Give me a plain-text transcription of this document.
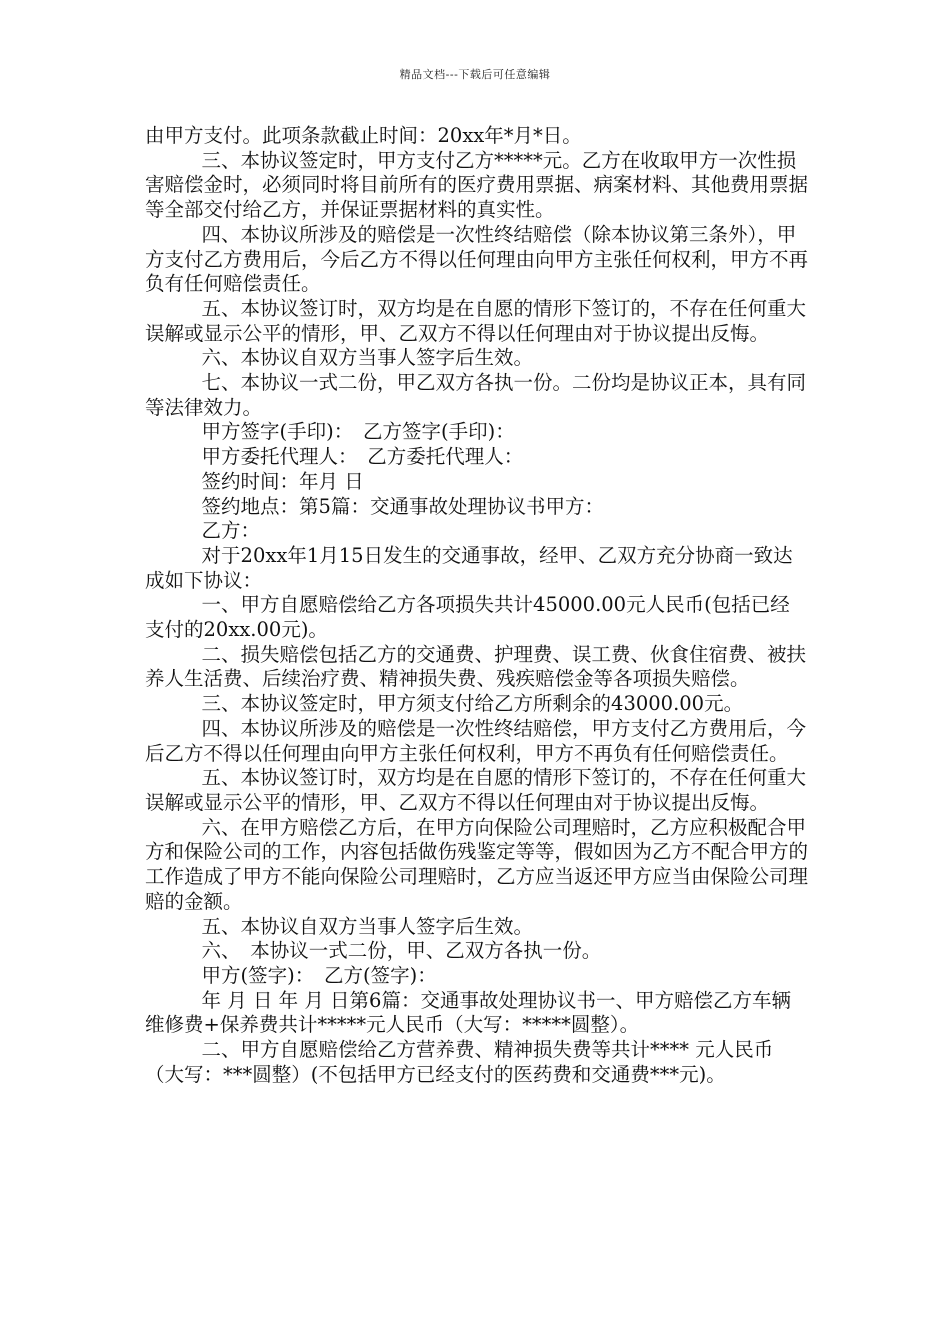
精品文档---下载后可任意编辑

由甲方支付。此项条款截止时间：20xx年*月*日。

三、本协议签定时，甲方支付乙方*****元。乙方在收取甲方一次性损害赔偿金时，必须同时将目前所有的医疗费用票据、病案材料、其他费用票据等全部交付给乙方，并保证票据材料的真实性。

四、本协议所涉及的赔偿是一次性终结赔偿（除本协议第三条外），甲方支付乙方费用后，今后乙方不得以任何理由向甲方主张任何权利，甲方不再负有任何赔偿责任。

五、本协议签订时，双方均是在自愿的情形下签订的，不存在任何重大误解或显示公平的情形，甲、乙双方不得以任何理由对于协议提出反悔。

六、本协议自双方当事人签字后生效。

七、本协议一式二份，甲乙双方各执一份。二份均是协议正本，具有同等法律效力。

甲方签字(手印)：　乙方签字(手印)：

甲方委托代理人：　乙方委托代理人：

签约时间：年月 日

签约地点：第5篇：交通事故处理协议书甲方：

乙方：

对于20xx年1月15日发生的交通事故，经甲、乙双方充分协商一致达成如下协议：

一、甲方自愿赔偿给乙方各项损失共计45000.00元人民币(包括已经支付的20xx.00元)。

二、损失赔偿包括乙方的交通费、护理费、误工费、伙食住宿费、被扶养人生活费、后续治疗费、精神损失费、残疾赔偿金等各项损失赔偿。

三、本协议签定时，甲方须支付给乙方所剩余的43000.00元。

四、本协议所涉及的赔偿是一次性终结赔偿，甲方支付乙方费用后，今后乙方不得以任何理由向甲方主张任何权利，甲方不再负有任何赔偿责任。

五、本协议签订时，双方均是在自愿的情形下签订的，不存在任何重大误解或显示公平的情形，甲、乙双方不得以任何理由对于协议提出反悔。

六、在甲方赔偿乙方后，在甲方向保险公司理赔时，乙方应积极配合甲方和保险公司的工作，内容包括做伤残鉴定等等，假如因为乙方不配合甲方的工作造成了甲方不能向保险公司理赔时，乙方应当返还甲方应当由保险公司理赔的金额。

五、本协议自双方当事人签字后生效。

六、　本协议一式二份，甲、乙双方各执一份。

甲方(签字)：　乙方(签字)：

年 月 日 年 月 日第6篇：交通事故处理协议书一、甲方赔偿乙方车辆维修费+保养费共计*****元人民币（大写：*****圆整）。

二、甲方自愿赔偿给乙方营养费、精神损失费等共计**** 元人民币（大写：***圆整）(不包括甲方已经支付的医药费和交通费***元)。
